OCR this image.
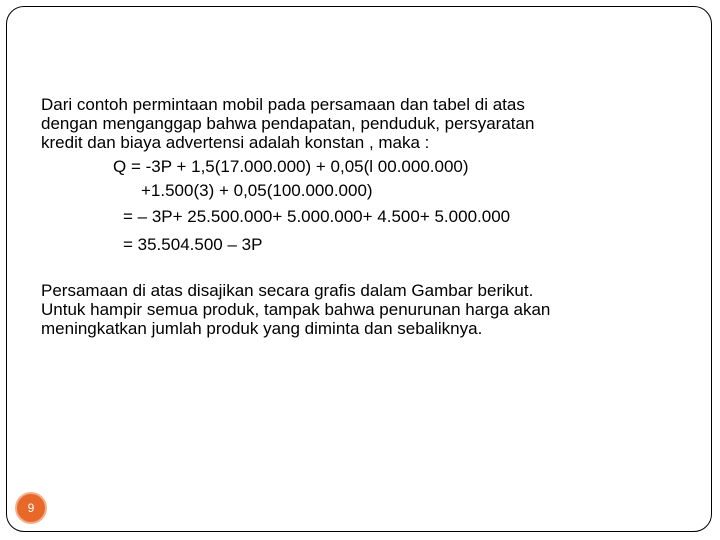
Dari contoh permintaan mobil pada persamaan dan tabel di atas
dengan menganggap bahwa pendapatan, penduduk, persyaratan
kredit dan biaya advertensi adalah konstan , maka :
Q = -3P + 1,5(17.000.000) + 0,05(l 00.000.000)
+1.500(3) + 0,05(100.000.000)
= – 3P+ 25.500.000+ 5.000.000+ 4.500+ 5.000.000
= 35.504.500 – 3P
Persamaan di atas disajikan secara grafis dalam Gambar berikut.
Untuk hampir semua produk, tampak bahwa penurunan harga akan
meningkatkan jumlah produk yang diminta dan sebaliknya.
9
